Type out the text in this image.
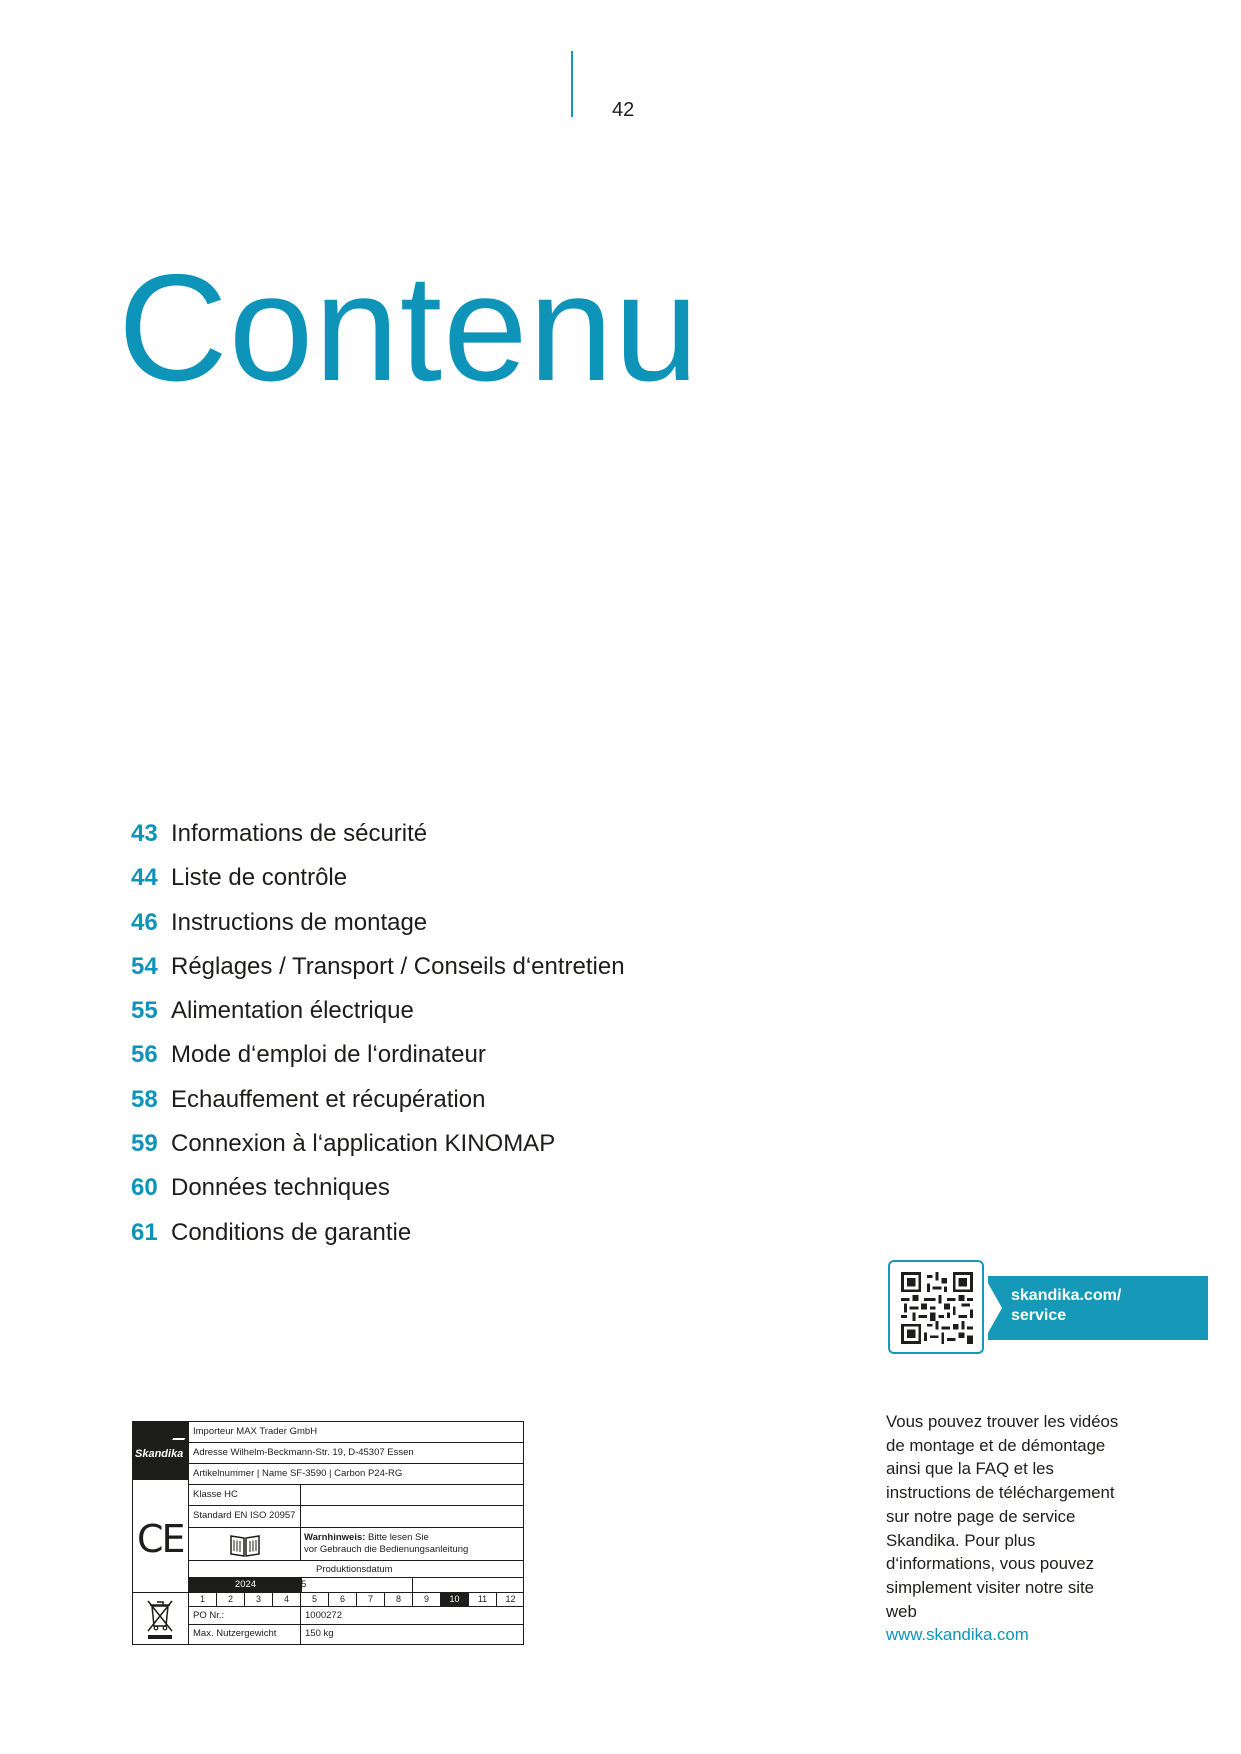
42
Contenu
43 Informations de sécurité
44 Liste de contrôle
46 Instructions de montage
54 Réglages / Transport / Conseils d‘entretien
55 Alimentation électrique
56 Mode d‘emploi de l‘ordinateur
58 Echauffement et récupération
59 Connexion à l‘application KINOMAP
60 Données techniques
61 Conditions de garantie
skandika.com/
service
Vous pouvez trouver les vidéos de montage et de démontage ainsi que la FAQ et les instructions de téléchargement sur notre page de service Skandika. Pour plus d‘informations, vous pouvez simplement visiter notre site web
www.skandika.com
Skandika
Importeur MAX Trader GmbH
Adresse Wilhelm-Beckmann-Str. 19, D-45307 Essen
Artikelnummer | Name SF-3590 | Carbon P24-RG
Klasse HC
Standard EN ISO 20957
CE	Warnhinweis: Bitte lesen Sie
vor Gebrauch die Bedienungsanleitung
Produktionsdatum
2024	5
1	2	3	4	5	6	7	8	9	10	11	12
PO Nr.:	1000272
Max. Nutzergewicht	150 kg
